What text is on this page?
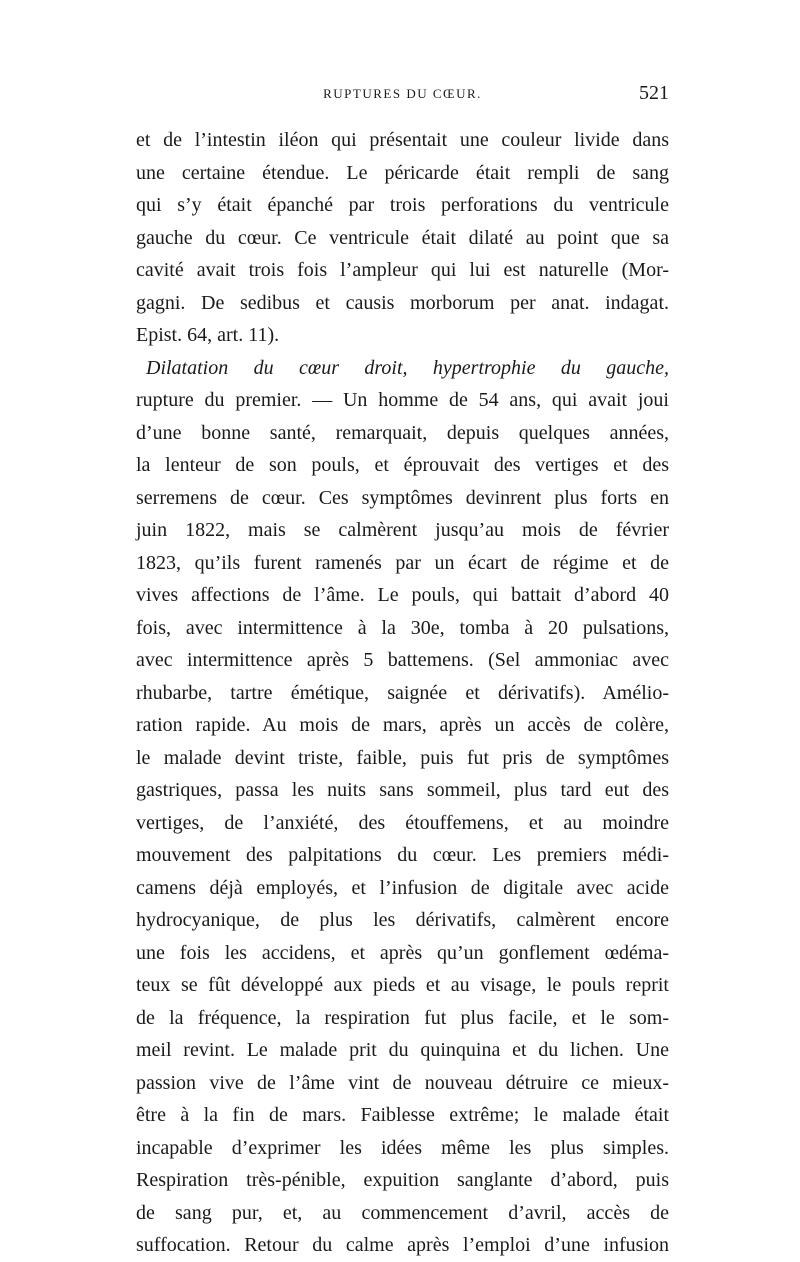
RUPTURES DU CŒUR.	521
et de l’intestin iléon qui présentait une couleur livide dans
une certaine étendue. Le péricarde était rempli de sang
qui s’y était épanché par trois perforations du ventricule
gauche du cœur. Ce ventricule était dilaté au point que sa
cavité avait trois fois l’ampleur qui lui est naturelle (Mor-
gagni. De sedibus et causis morborum per anat. indagat.
Epist. 64, art. 11).
Dilatation du cœur droit, hypertrophie du gauche,
rupture du premier. — Un homme de 54 ans, qui avait joui
d’une bonne santé, remarquait, depuis quelques années,
la lenteur de son pouls, et éprouvait des vertiges et des
serremens de cœur. Ces symptômes devinrent plus forts en
juin 1822, mais se calmèrent jusqu’au mois de février
1823, qu’ils furent ramenés par un écart de régime et de
vives affections de l’âme. Le pouls, qui battait d’abord 40
fois, avec intermittence à la 30e, tomba à 20 pulsations,
avec intermittence après 5 battemens. (Sel ammoniac avec
rhubarbe, tartre émétique, saignée et dérivatifs). Amélio-
ration rapide. Au mois de mars, après un accès de colère,
le malade devint triste, faible, puis fut pris de symptômes
gastriques, passa les nuits sans sommeil, plus tard eut des
vertiges, de l’anxiété, des étouffemens, et au moindre
mouvement des palpitations du cœur. Les premiers médi-
camens déjà employés, et l’infusion de digitale avec acide
hydrocyanique, de plus les dérivatifs, calmèrent encore
une fois les accidens, et après qu’un gonflement œdéma-
teux se fût développé aux pieds et au visage, le pouls reprit
de la fréquence, la respiration fut plus facile, et le som-
meil revint. Le malade prit du quinquina et du lichen. Une
passion vive de l’âme vint de nouveau détruire ce mieux-
être à la fin de mars. Faiblesse extrême; le malade était
incapable d’exprimer les idées même les plus simples.
Respiration très-pénible, expuition sanglante d’abord, puis
de sang pur, et, au commencement d’avril, accès de
suffocation. Retour du calme après l’emploi d’une infusion
